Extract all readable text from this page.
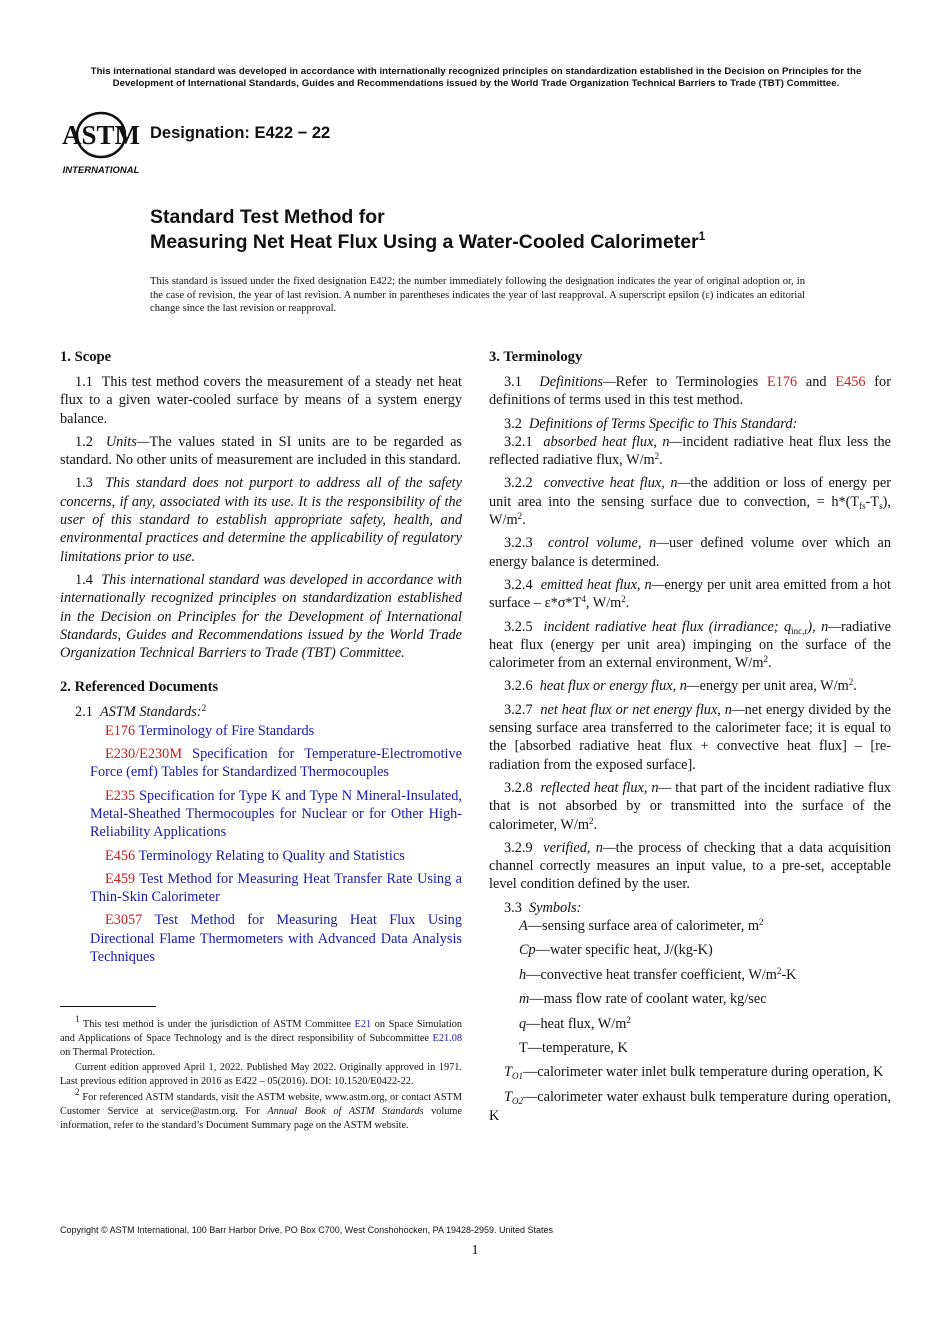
This international standard was developed in accordance with internationally recognized principles on standardization established in the Decision on Principles for the Development of International Standards, Guides and Recommendations issued by the World Trade Organization Technical Barriers to Trade (TBT) Committee.
ASTM
INTERNATIONAL
Designation: E422 − 22
Standard Test Method for
Measuring Net Heat Flux Using a Water-Cooled Calorimeter$^1$
This standard is issued under the fixed designation E422; the number immediately following the designation indicates the year of original adoption or, in the case of revision, the year of last revision. A number in parentheses indicates the year of last reapproval. A superscript epsilon (ε) indicates an editorial change since the last revision or reapproval.
1. Scope

1.1 This test method covers the measurement of a steady net heat flux to a given water-cooled surface by means of a system energy balance.

1.2 Units—The values stated in SI units are to be regarded as standard. No other units of measurement are included in this standard.

1.3 This standard does not purport to address all of the safety concerns, if any, associated with its use. It is the responsibility of the user of this standard to establish appropriate safety, health, and environmental practices and determine the applicability of regulatory limitations prior to use.

1.4 This international standard was developed in accordance with internationally recognized principles on standardization established in the Decision on Principles for the Development of International Standards, Guides and Recommendations issued by the World Trade Organization Technical Barriers to Trade (TBT) Committee.

2. Referenced Documents

2.1 ASTM Standards:$^2$

E176 Terminology of Fire Standards

E230/E230M Specification for Temperature-Electromotive Force (emf) Tables for Standardized Thermocouples

E235 Specification for Type K and Type N Mineral-Insulated, Metal-Sheathed Thermocouples for Nuclear or for Other High-Reliability Applications

E456 Terminology Relating to Quality and Statistics

E459 Test Method for Measuring Heat Transfer Rate Using a Thin-Skin Calorimeter

E3057 Test Method for Measuring Heat Flux Using Directional Flame Thermometers with Advanced Data Analysis Techniques

$^1$ This test method is under the jurisdiction of ASTM Committee E21 on Space Simulation and Applications of Space Technology and is the direct responsibility of Subcommittee E21.08 on Thermal Protection.

Current edition approved April 1, 2022. Published May 2022. Originally approved in 1971. Last previous edition approved in 2016 as E422 – 05(2016). DOI: 10.1520/E0422-22.

$^2$ For referenced ASTM standards, visit the ASTM website, www.astm.org, or contact ASTM Customer Service at service@astm.org. For Annual Book of ASTM Standards volume information, refer to the standard’s Document Summary page on the ASTM website.

3. Terminology

3.1 Definitions—Refer to Terminologies E176 and E456 for definitions of terms used in this test method.

3.2 Definitions of Terms Specific to This Standard:

3.2.1 absorbed heat flux, n—incident radiative heat flux less the reflected radiative flux, $W/m^2$.

3.2.2 convective heat flux, n—the addition or loss of energy per unit area into the sensing surface due to convection, = $h*(T_{fs}-T_s)$, $W/m^2$.

3.2.3 control volume, n—user defined volume over which an energy balance is determined.

3.2.4 emitted heat flux, n—energy per unit area emitted from a hot surface – $\varepsilon*\sigma*T^4$, $W/m^2$.

3.2.5 incident radiative heat flux (irradiance; $q_{inc,r}$), n—radiative heat flux (energy per unit area) impinging on the surface of the calorimeter from an external environment, $W/m^2$.

3.2.6 heat flux or energy flux, n—energy per unit area, $W/m^2$.

3.2.7 net heat flux or net energy flux, n—net energy divided by the sensing surface area transferred to the calorimeter face; it is equal to the [absorbed radiative heat flux + convective heat flux] – [re-radiation from the exposed surface].

3.2.8 reflected heat flux, n— that part of the incident radiative flux that is not absorbed by or transmitted into the surface of the calorimeter, $W/m^2$.

3.2.9 verified, n—the process of checking that a data acquisition channel correctly measures an input value, to a pre-set, acceptable level condition defined by the user.

3.3 Symbols:

A—sensing surface area of calorimeter, $m^2$

Cp—water specific heat, J/(kg-K)

h—convective heat transfer coefficient, $W/m^2-K$

m—mass flow rate of coolant water, kg/sec

q—heat flux, $W/m^2$

T—temperature, K

$T_{O1}—calorimeter$ water inlet bulk temperature during operation, K

$T_{O2}—calorimeter$ water exhaust bulk temperature during operation, K

Copyright © ASTM International, 100 Barr Harbor Drive, PO Box C700, West Conshohocken, PA 19428-2959. United States
1
